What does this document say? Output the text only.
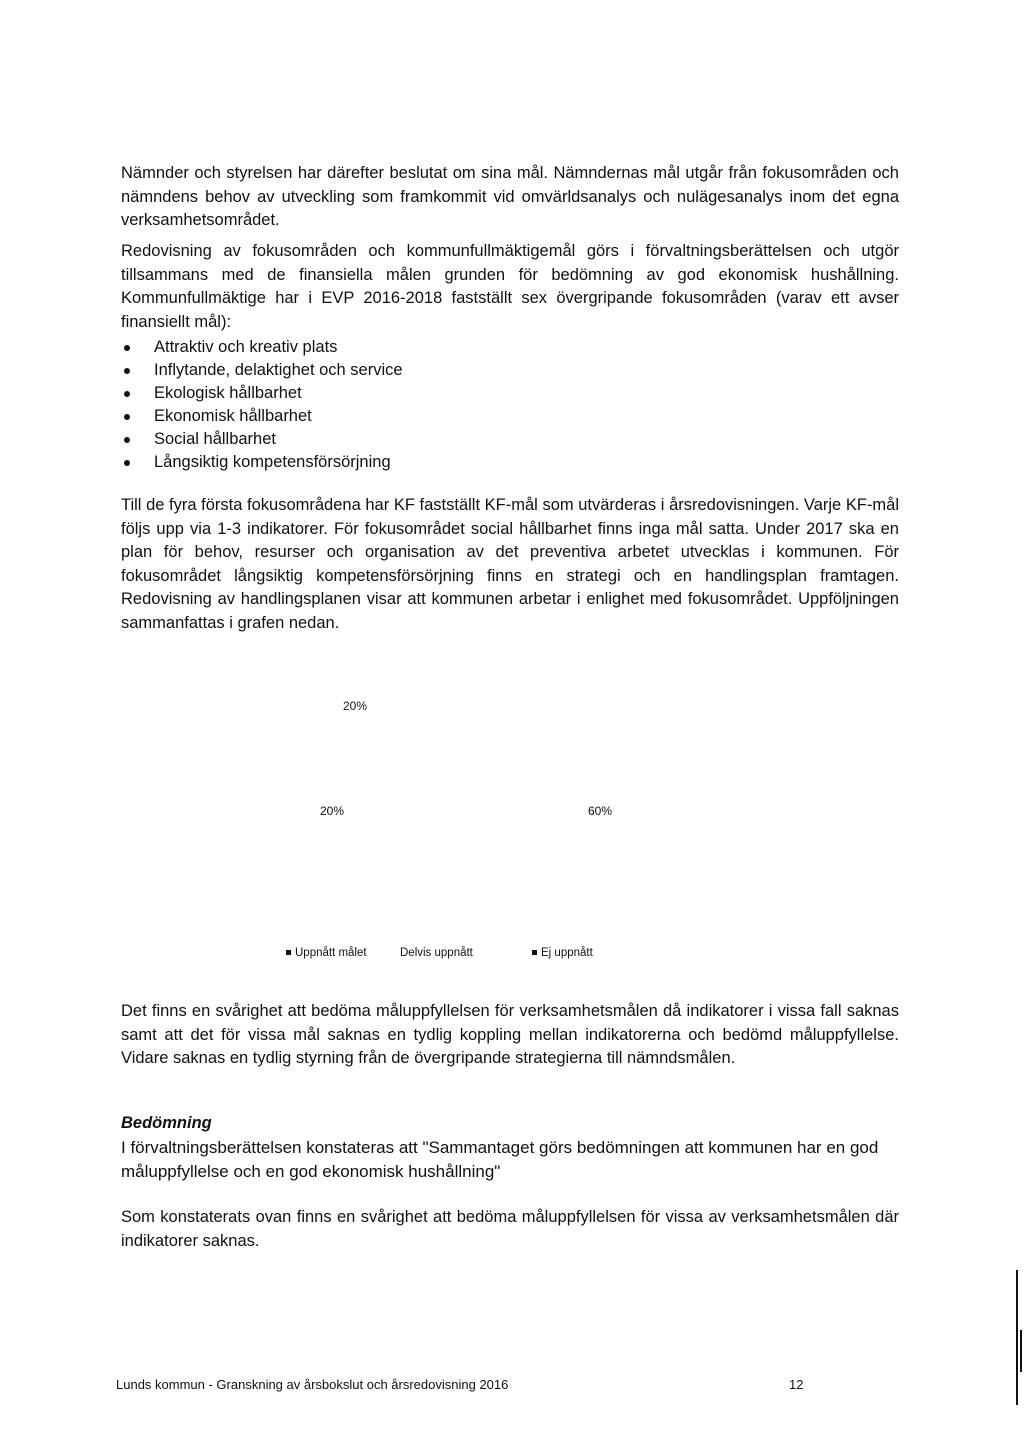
Nämnder och styrelsen har därefter beslutat om sina mål. Nämndernas mål utgår från fokusområden och nämndens behov av utveckling som framkommit vid omvärldsanalys och nulägesanalys inom det egna verksamhetsområdet.

Redovisning av fokusområden och kommunfullmäktigemål görs i förvaltningsberättelsen och utgör tillsammans med de finansiella målen grunden för bedömning av god ekonomisk hushållning. Kommunfullmäktige har i EVP 2016-2018 fastställt sex övergripande fokusområden (varav ett avser finansiellt mål):

Attraktiv och kreativ plats
Inflytande, delaktighet och service
Ekologisk hållbarhet
Ekonomisk hållbarhet
Social hållbarhet
Långsiktig kompetensförsörjning

Till de fyra första fokusområdena har KF fastställt KF-mål som utvärderas i årsredovisningen. Varje KF-mål följs upp via 1-3 indikatorer. För fokusområdet social hållbarhet finns inga mål satta. Under 2017 ska en plan för behov, resurser och organisation av det preventiva arbetet utvecklas i kommunen. För fokusområdet långsiktig kompetensförsörjning finns en strategi och en handlingsplan framtagen. Redovisning av handlingsplanen visar att kommunen arbetar i enlighet med fokusområdet. Uppföljningen sammanfattas i grafen nedan.

20%	60%
20%
Uppnått målet	Delvis uppnått	Ej uppnått

Det finns en svårighet att bedöma måluppfyllelsen för verksamhetsmålen då indikatorer i vissa fall saknas samt att det för vissa mål saknas en tydlig koppling mellan indikatorerna och bedömd måluppfyllelse. Vidare saknas en tydlig styrning från de övergripande strategierna till nämndsmålen.

Bedömning

I förvaltningsberättelsen konstateras att "Sammantaget görs bedömningen att kommunen har en god måluppfyllelse och en god ekonomisk hushållning"

Som konstaterats ovan finns en svårighet att bedöma måluppfyllelsen för vissa av verksamhetsmålen där indikatorer saknas.

Lunds kommun - Granskning av årsbokslut och årsredovisning 2016	12
